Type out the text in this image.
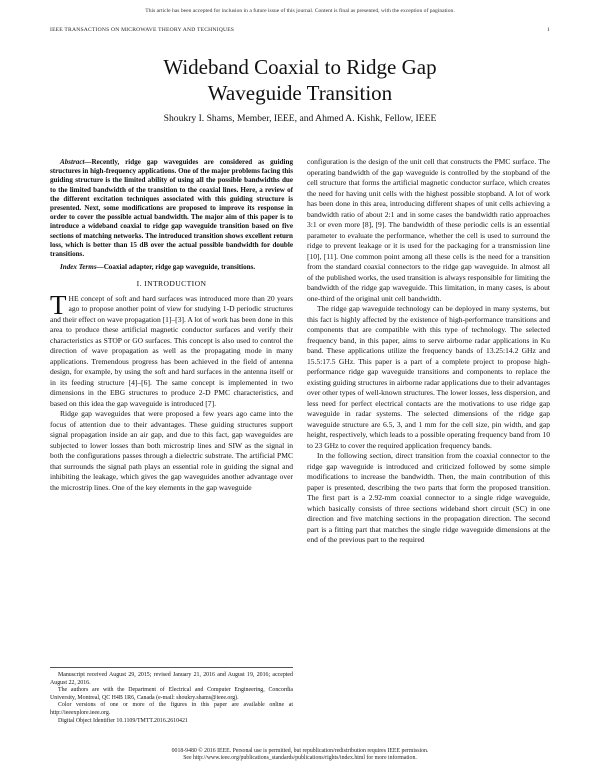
This article has been accepted for inclusion in a future issue of this journal. Content is final as presented, with the exception of pagination.
IEEE TRANSACTIONS ON MICROWAVE THEORY AND TECHNIQUES	1
Wideband Coaxial to Ridge Gap
Waveguide Transition
Shoukry I. Shams, Member, IEEE, and Ahmed A. Kishk, Fellow, IEEE

Abstract—Recently, ridge gap waveguides are considered as guiding structures in high-frequency applications. One of the major problems facing this guiding structure is the limited ability of using all the possible bandwidths due to the limited bandwidth of the transition to the coaxial lines. Here, a review of the different excitation techniques associated with this guiding structure is presented. Next, some modifications are proposed to improve its response in order to cover the possible actual bandwidth. The major aim of this paper is to introduce a wideband coaxial to ridge gap waveguide transition based on five sections of matching networks. The introduced transition shows excellent return loss, which is better than 15 dB over the actual possible bandwidth for double transitions.

Index Terms—Coaxial adapter, ridge gap waveguide, transitions.

I. INTRODUCTION

THE concept of soft and hard surfaces was introduced more than 20 years ago to propose another point of view for studying 1-D periodic structures and their effect on wave propagation [1]–[3]. A lot of work has been done in this area to produce these artificial magnetic conductor surfaces and verify their characteristics as STOP or GO surfaces. This concept is also used to control the direction of wave propagation as well as the propagating mode in many applications. Tremendous progress has been achieved in the field of antenna design, for example, by using the soft and hard surfaces in the antenna itself or in its feeding structure [4]–[6]. The same concept is implemented in two dimensions in the EBG structures to produce 2-D PMC characteristics, and based on this idea the gap waveguide is introduced [7].

Ridge gap waveguides that were proposed a few years ago came into the focus of attention due to their advantages. These guiding structures support signal propagation inside an air gap, and due to this fact, gap waveguides are subjected to lower losses than both microstrip lines and SIW as the signal in both the configurations passes through a dielectric substrate. The artificial PMC that surrounds the signal path plays an essential role in guiding the signal and inhibiting the leakage, which gives the gap waveguides another advantage over the microstrip lines. One of the key elements in the gap waveguide

configuration is the design of the unit cell that constructs the PMC surface. The operating bandwidth of the gap waveguide is controlled by the stopband of the cell structure that forms the artificial magnetic conductor surface, which creates the need for having unit cells with the highest possible stopband. A lot of work has been done in this area, introducing different shapes of unit cells achieving a bandwidth ratio of about 2:1 and in some cases the bandwidth ratio approaches 3:1 or even more [8], [9]. The bandwidth of these periodic cells is an essential parameter to evaluate the performance, whether the cell is used to surround the ridge to prevent leakage or it is used for the packaging for a transmission line [10], [11]. One common point among all these cells is the need for a transition from the standard coaxial connectors to the ridge gap waveguide. In almost all of the published works, the used transition is always responsible for limiting the bandwidth of the ridge gap waveguide. This limitation, in many cases, is about one-third of the original unit cell bandwidth.

The ridge gap waveguide technology can be deployed in many systems, but this fact is highly affected by the existence of high-performance transitions and components that are compatible with this type of technology. The selected frequency band, in this paper, aims to serve airborne radar applications in Ku band. These applications utilize the frequency bands of 13.25:14.2 GHz and 15.5:17.5 GHz. This paper is a part of a complete project to propose high-performance ridge gap waveguide transitions and components to replace the existing guiding structures in airborne radar applications due to their advantages over other types of well-known structures. The lower losses, less dispersion, and less need for perfect electrical contacts are the motivations to use ridge gap waveguide in radar systems. The selected dimensions of the ridge gap waveguide structure are 6.5, 3, and 1 mm for the cell size, pin width, and gap height, respectively, which leads to a possible operating frequency band from 10 to 23 GHz to cover the required application frequency bands.

In the following section, direct transition from the coaxial connector to the ridge gap waveguide is introduced and criticized followed by some simple modifications to increase the bandwidth. Then, the main contribution of this paper is presented, describing the two parts that form the proposed transition. The first part is a 2.92-mm coaxial connector to a single ridge waveguide, which basically consists of three sections wideband short circuit (SC) in one direction and five matching sections in the propagation direction. The second part is a fitting part that matches the single ridge waveguide dimensions at the end of the previous part to the required

Manuscript received August 29, 2015; revised January 21, 2016 and August 19, 2016; accepted August 22, 2016.

The authors are with the Department of Electrical and Computer Engineering, Concordia University, Montreal, QC H4B 1R6, Canada (e-mail: shoukry.shams@ieee.org).

Color versions of one or more of the figures in this paper are available online at http://ieeexplore.ieee.org.

Digital Object Identifier 10.1109/TMTT.2016.2610421

0018-9480 © 2016 IEEE. Personal use is permitted, but republication/redistribution requires IEEE permission.
See http://www.ieee.org/publications_standards/publications/rights/index.html for more information.
